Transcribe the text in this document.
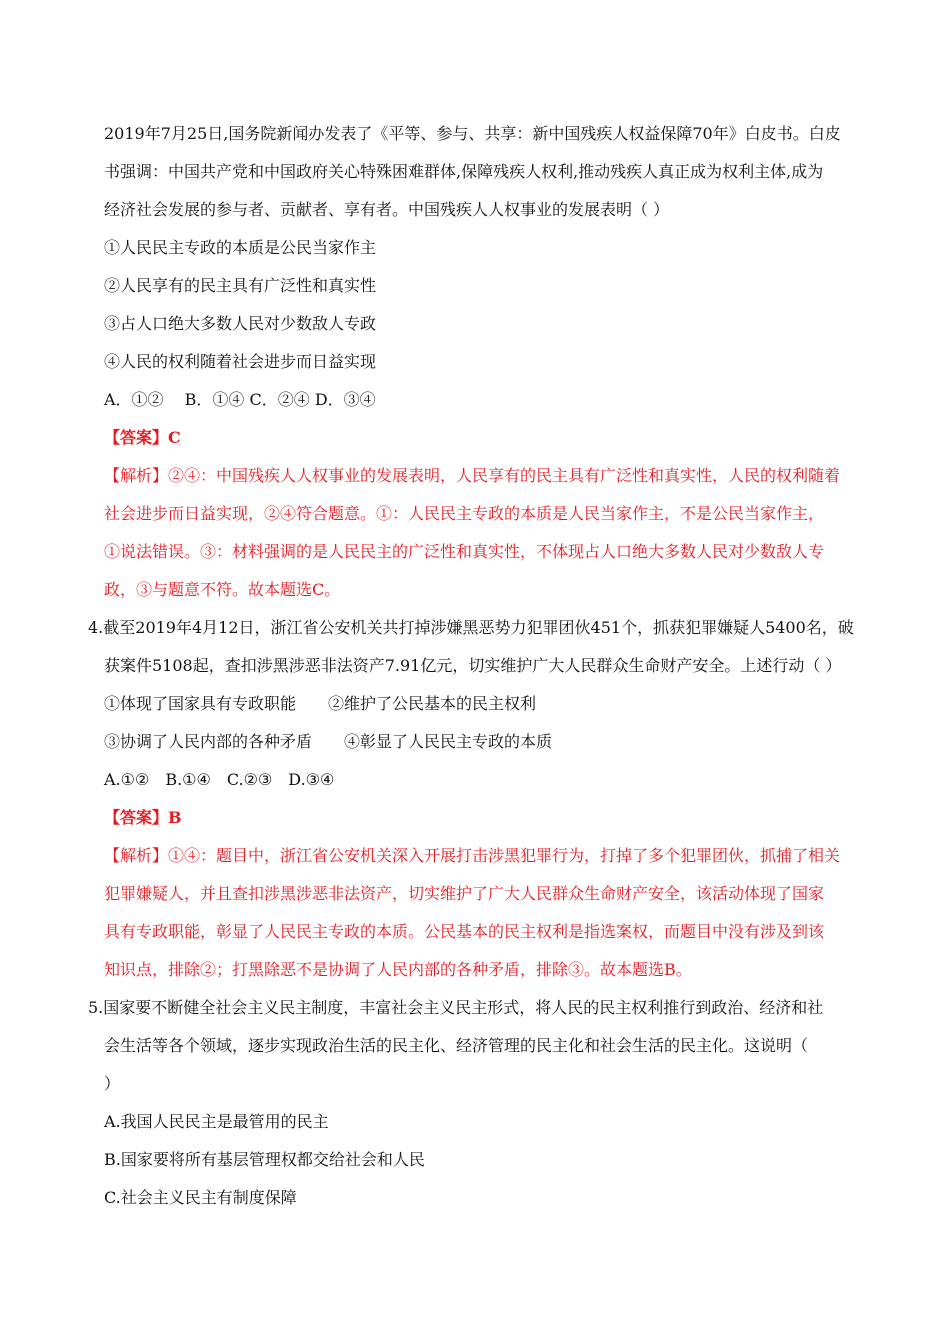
2019年7月25日,国务院新闻办发表了《平等、参与、共享：新中国残疾人权益保障70年》白皮书。白皮
书强调：中国共产党和中国政府关心特殊困难群体,保障残疾人权利,推动残疾人真正成为权利主体,成为
经济社会发展的参与者、贡献者、享有者。中国残疾人人权事业的发展表明（ ）
①人民民主专政的本质是公民当家作主
②人民享有的民主具有广泛性和真实性
③占人口绝大多数人民对少数敌人专政
④人民的权利随着社会进步而日益实现
A．①②　 B．①④ C．②④ D．③④
【答案】C
【解析】②④：中国残疾人人权事业的发展表明，人民享有的民主具有广泛性和真实性，人民的权利随着
社会进步而日益实现，②④符合题意。①：人民民主专政的本质是人民当家作主，不是公民当家作主，
①说法错误。③：材料强调的是人民民主的广泛性和真实性，不体现占人口绝大多数人民对少数敌人专
政，③与题意不符。故本题选C。
4.截至2019年4月12日，浙江省公安机关共打掉涉嫌黑恶势力犯罪团伙451个，抓获犯罪嫌疑人5400名，破
获案件5108起，查扣涉黑涉恶非法资产7.91亿元，切实维护广大人民群众生命财产安全。上述行动（ ）
①体现了国家具有专政职能　　②维护了公民基本的民主权利
③协调了人民内部的各种矛盾　　④彰显了人民民主专政的本质
A.①②　B.①④　C.②③　D.③④
【答案】B
【解析】①④：题目中，浙江省公安机关深入开展打击涉黑犯罪行为，打掉了多个犯罪团伙，抓捕了相关
犯罪嫌疑人，并且查扣涉黑涉恶非法资产，切实维护了广大人民群众生命财产安全，该活动体现了国家
具有专政职能，彰显了人民民主专政的本质。公民基本的民主权利是指选案权，而题目中没有涉及到该
知识点，排除②；打黑除恶不是协调了人民内部的各种矛盾，排除③。故本题选B。
5.国家要不断健全社会主义民主制度，丰富社会主义民主形式，将人民的民主权利推行到政治、经济和社
会生活等各个领域，逐步实现政治生活的民主化、经济管理的民主化和社会生活的民主化。这说明（
）
A.我国人民民主是最管用的民主
B.国家要将所有基层管理权都交给社会和人民
C.社会主义民主有制度保障
